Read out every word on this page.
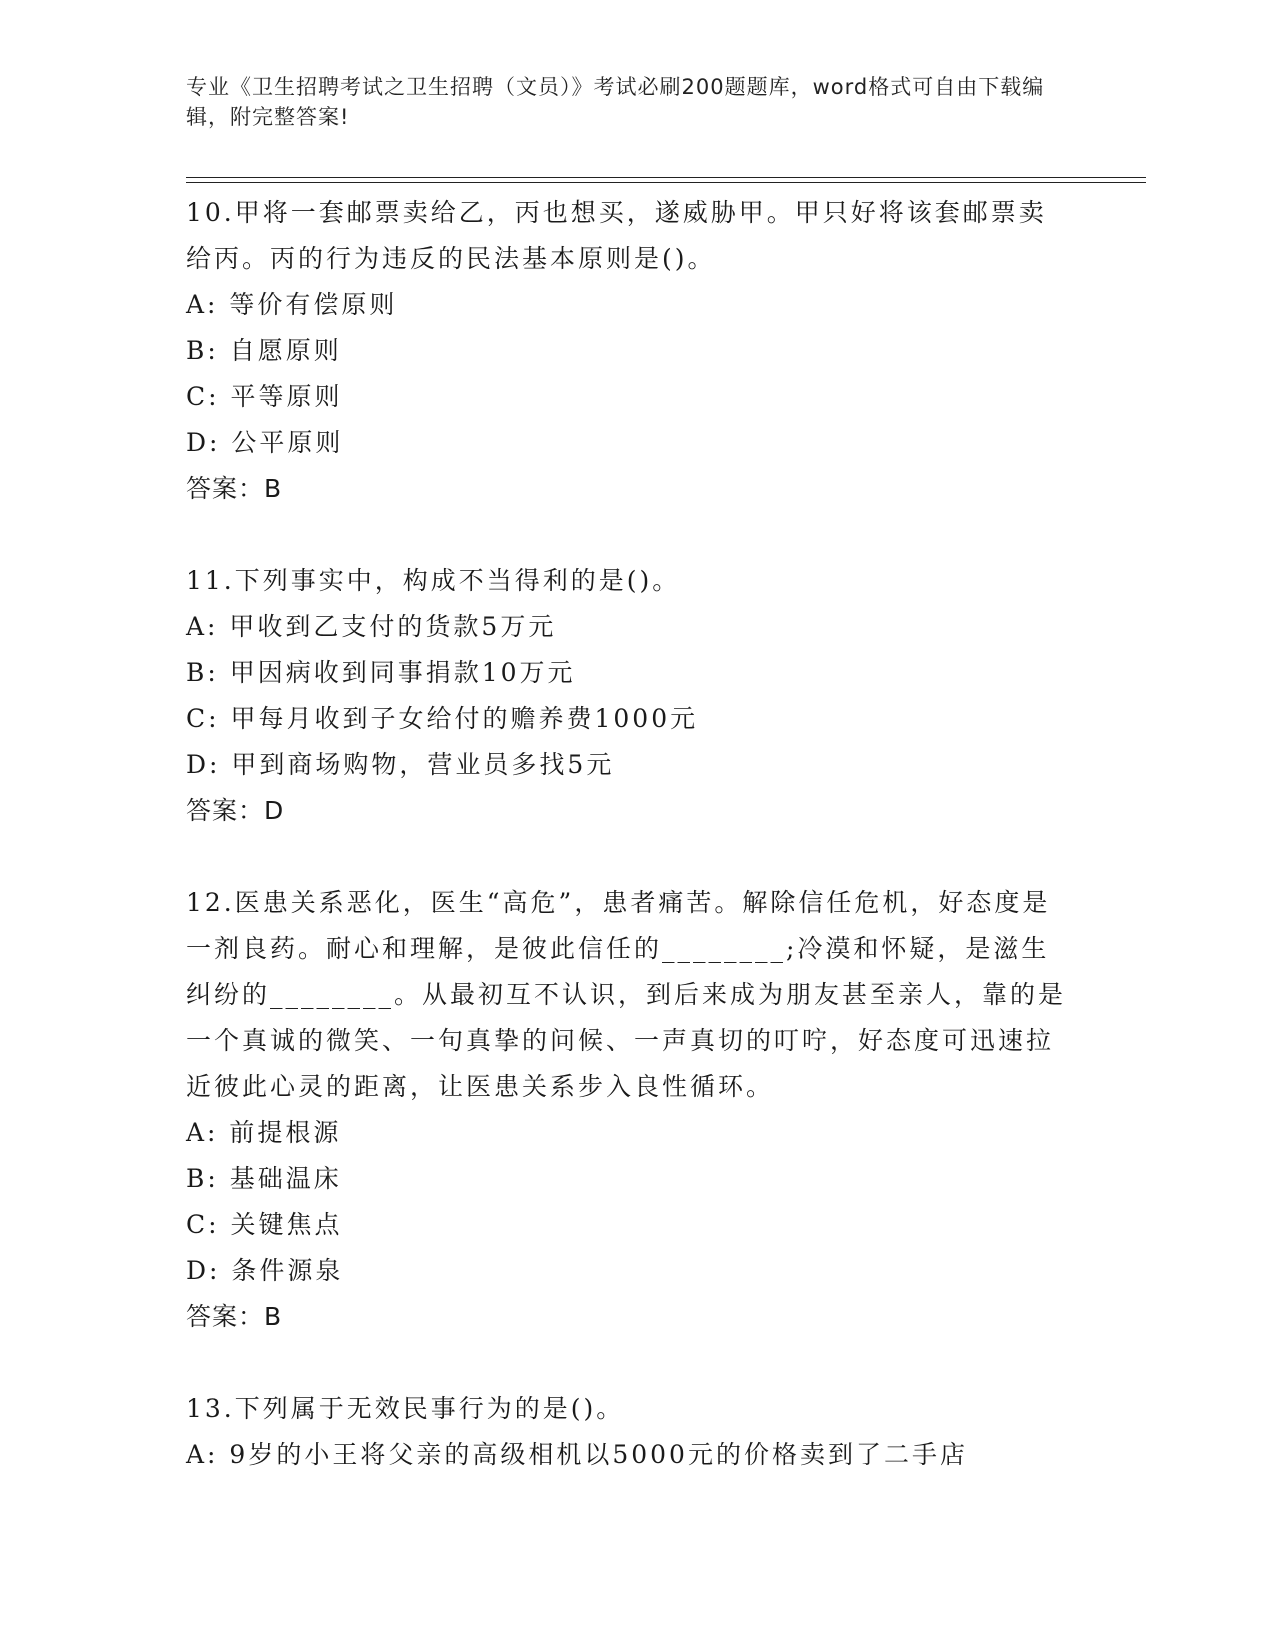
专业《卫生招聘考试之卫生招聘（文员）》考试必刷200题题库，word格式可自由下载编辑，附完整答案!

10.甲将一套邮票卖给乙，丙也想买，遂威胁甲。甲只好将该套邮票卖给丙。丙的行为违反的民法基本原则是()。

A: 等价有偿原则

B: 自愿原则

C: 平等原则

D: 公平原则

答案：B

11.下列事实中，构成不当得利的是()。

A: 甲收到乙支付的货款5万元

B: 甲因病收到同事捐款10万元

C: 甲每月收到子女给付的赡养费1000元

D: 甲到商场购物，营业员多找5元

答案：D

12.医患关系恶化，医生“高危”，患者痛苦。解除信任危机，好态度是一剂良药。耐心和理解，是彼此信任的________;冷漠和怀疑，是滋生纠纷的________。从最初互不认识，到后来成为朋友甚至亲人，靠的是一个真诚的微笑、一句真挚的问候、一声真切的叮咛，好态度可迅速拉近彼此心灵的距离，让医患关系步入良性循环。

A: 前提根源

B: 基础温床

C: 关键焦点

D: 条件源泉

答案：B

13.下列属于无效民事行为的是()。

A: 9岁的小王将父亲的高级相机以5000元的价格卖到了二手店
